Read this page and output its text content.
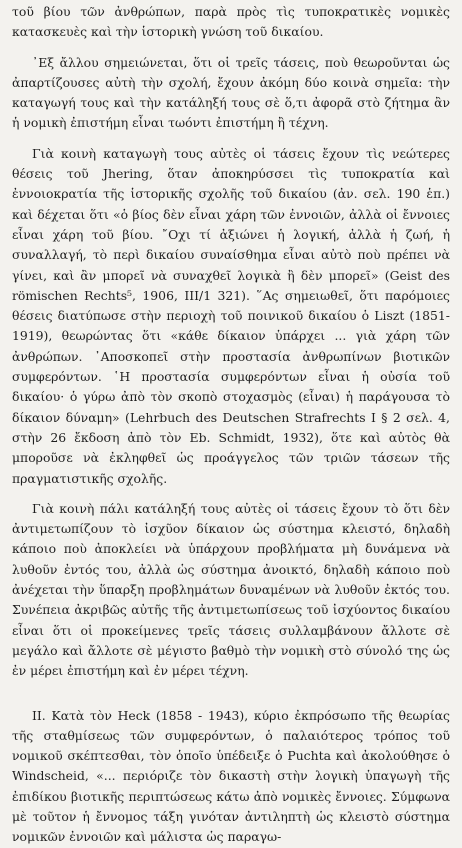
τοῦ βίου τῶν ἀνθρώπων, παρὰ πρὸς τὶς τυποκρατικὲς νομικὲς κατασκευὲς καὶ τὴν ἱστορικὴ γνώση τοῦ δικαίου.

᾿Εξ ἄλλου σημειώνεται, ὅτι οἱ τρεῖς τάσεις, ποὺ θεωροῦνται ὡς ἀπαρτίζουσες αὐτὴ τὴν σχολή, ἔχουν ἀκόμη δύο κοινὰ σημεῖα: τὴν καταγωγή τους καὶ τὴν κατάληξή τους σὲ ὅ,τι ἀφορᾶ στὸ ζήτημα ἂν ἡ νομικὴ ἐπιστήμη εἶναι τωόντι ἐπιστήμη ἢ τέχνη.

Γιὰ κοινὴ καταγωγὴ τους αὐτὲς οἱ τάσεις ἔχουν τὶς νεώτερες θέσεις τοῦ Jhering, ὅταν ἀποκηρύσσει τὶς τυποκρατία καὶ ἐννοιοκρατία τῆς ἱστορικῆς σχολῆς τοῦ δικαίου (ἀν. σελ. 190 ἑπ.) καὶ δέχεται ὅτι «ὁ βίος δὲν εἶναι χάρη τῶν ἐννοιῶν, ἀλλὰ οἱ ἔννοιες εἶναι χάρη τοῦ βίου. ῎Οχι τί ἀξιώνει ἡ λογική, ἀλλὰ ἡ ζωή, ἡ συναλλαγή, τὸ περὶ δικαίου συναίσθημα εἶναι αὐτὸ ποὺ πρέπει νὰ γίνει, καὶ ἂν μπορεῖ νὰ συναχθεῖ λογικὰ ἢ δὲν μπορεῖ» (Geist des römischen Rechts⁵, 1906, III/1 321). ῞Ας σημειωθεῖ, ὅτι παρόμοιες θέσεις διατύπωσε στὴν περιοχὴ τοῦ ποινικοῦ δικαίου ὁ Liszt (1851-1919), θεωρώντας ὅτι «κάθε δίκαιον ὑπάρχει ... γιὰ χάρη τῶν ἀνθρώπων. ᾿Αποσκοπεῖ στὴν προστασία ἀνθρωπίνων βιοτικῶν συμφερόντων. ῾Η προστασία συμφερόντων εἶναι ἡ οὐσία τοῦ δικαίου· ὁ γύρω ἀπὸ τὸν σκοπὸ στοχασμὸς (εἶναι) ἡ παράγουσα τὸ δίκαιον δύναμη» (Lehrbuch des Deutschen Strafrechts I § 2 σελ. 4, στὴν 26 ἔκδοση ἀπὸ τὸν Eb. Schmidt, 1932), ὅτε καὶ αὐτὸς θὰ μποροῦσε νὰ ἐκληφθεῖ ὡς προάγγελος τῶν τριῶν τάσεων τῆς πραγματιστικῆς σχολῆς.

Γιὰ κοινὴ πάλι κατάληξή τους αὐτὲς οἱ τάσεις ἔχουν τὸ ὅτι δὲν ἀντιμετωπίζουν τὸ ἰσχῦον δίκαιον ὡς σύστημα κλειστό, δηλαδὴ κάποιο ποὺ ἀποκλείει νὰ ὑπάρχουν προβλήματα μὴ δυνάμενα νὰ λυθοῦν ἐντός του, ἀλλὰ ὡς σύστημα ἀνοικτό, δηλαδὴ κάποιο ποὺ ἀνέχεται τὴν ὕπαρξη προβλημάτων δυναμένων νὰ λυθοῦν ἐκτός του. Συνέπεια ἀκριβῶς αὐτῆς τῆς ἀντιμετωπίσεως τοῦ ἰσχύοντος δικαίου εἶναι ὅτι οἱ προκείμενες τρεῖς τάσεις συλλαμβάνουν ἄλλοτε σὲ μεγάλο καὶ ἄλλοτε σὲ μέγιστο βαθμὸ τὴν νομικὴ στὸ σύνολό της ὡς ἐν μέρει ἐπιστήμη καὶ ἐν μέρει τέχνη.

II. Κατὰ τὸν Heck (1858 - 1943), κύριο ἐκπρόσωπο τῆς θεωρίας τῆς σταθμίσεως τῶν συμφερόντων, ὁ παλαιότερος τρόπος τοῦ νομικοῦ σκέπτεσθαι, τὸν ὁποῖο ὑπέδειξε ὁ Puchta καὶ ἀκολούθησε ὁ Windscheid, «... περιόριζε τὸν δικαστὴ στὴν λογικὴ ὑπαγωγὴ τῆς ἐπιδίκου βιοτικῆς περιπτώσεως κάτω ἀπὸ νομικὲς ἔννοιες. Σύμφωνα μὲ τοῦτον ἡ ἔννομος τάξη γινόταν ἀντιληπτὴ ὡς κλειστὸ σύστημα νομικῶν ἐννοιῶν καὶ μάλιστα ὡς παραγω-
